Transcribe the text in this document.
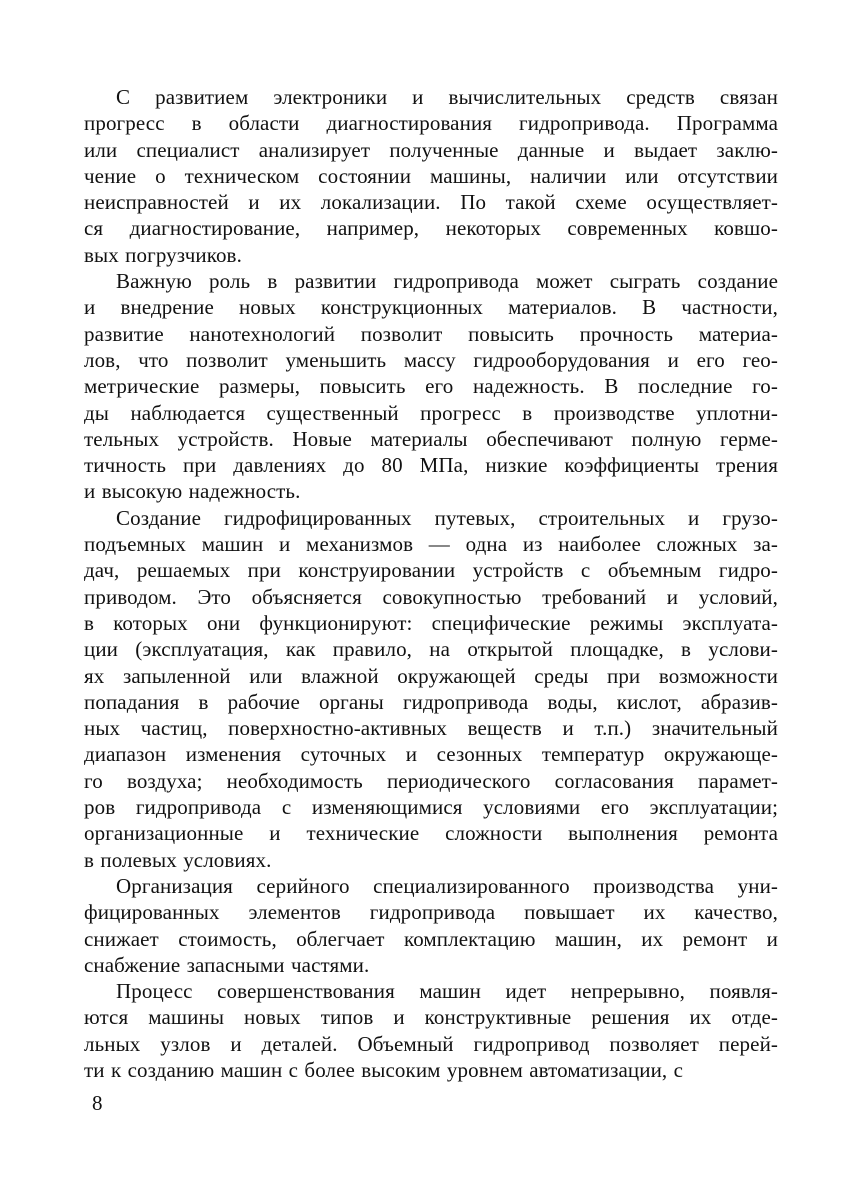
С развитием электроники и вычислительных средств связан
прогресс в области диагностирования гидропривода. Программа
или специалист анализирует полученные данные и выдает заклю-
чение о техническом состоянии машины, наличии или отсутствии
неисправностей и их локализации. По такой схеме осуществляет-
ся диагностирование, например, некоторых современных ковшо-
вых погрузчиков.
Важную роль в развитии гидропривода может сыграть создание
и внедрение новых конструкционных материалов. В частности,
развитие нанотехнологий позволит повысить прочность материа-
лов, что позволит уменьшить массу гидрооборудования и его гео-
метрические размеры, повысить его надежность. В последние го-
ды наблюдается существенный прогресс в производстве уплотни-
тельных устройств. Новые материалы обеспечивают полную герме-
тичность при давлениях до 80 МПа, низкие коэффициенты трения
и высокую надежность.
Создание гидрофицированных путевых, строительных и грузо-
подъемных машин и механизмов — одна из наиболее сложных за-
дач, решаемых при конструировании устройств с объемным гидро-
приводом. Это объясняется совокупностью требований и условий,
в которых они функционируют: специфические режимы эксплуата-
ции (эксплуатация, как правило, на открытой площадке, в услови-
ях запыленной или влажной окружающей среды при возможности
попадания в рабочие органы гидропривода воды, кислот, абразив-
ных частиц, поверхностно-активных веществ и т.п.) значительный
диапазон изменения суточных и сезонных температур окружающе-
го воздуха; необходимость периодического согласования парамет-
ров гидропривода с изменяющимися условиями его эксплуатации;
организационные и технические сложности выполнения ремонта
в полевых условиях.
Организация серийного специализированного производства уни-
фицированных элементов гидропривода повышает их качество,
снижает стоимость, облегчает комплектацию машин, их ремонт и
снабжение запасными частями.
Процесс совершенствования машин идет непрерывно, появля-
ются машины новых типов и конструктивные решения их отде-
льных узлов и деталей. Объемный гидропривод позволяет перей-
ти к созданию машин с более высоким уровнем автоматизации, с
8
